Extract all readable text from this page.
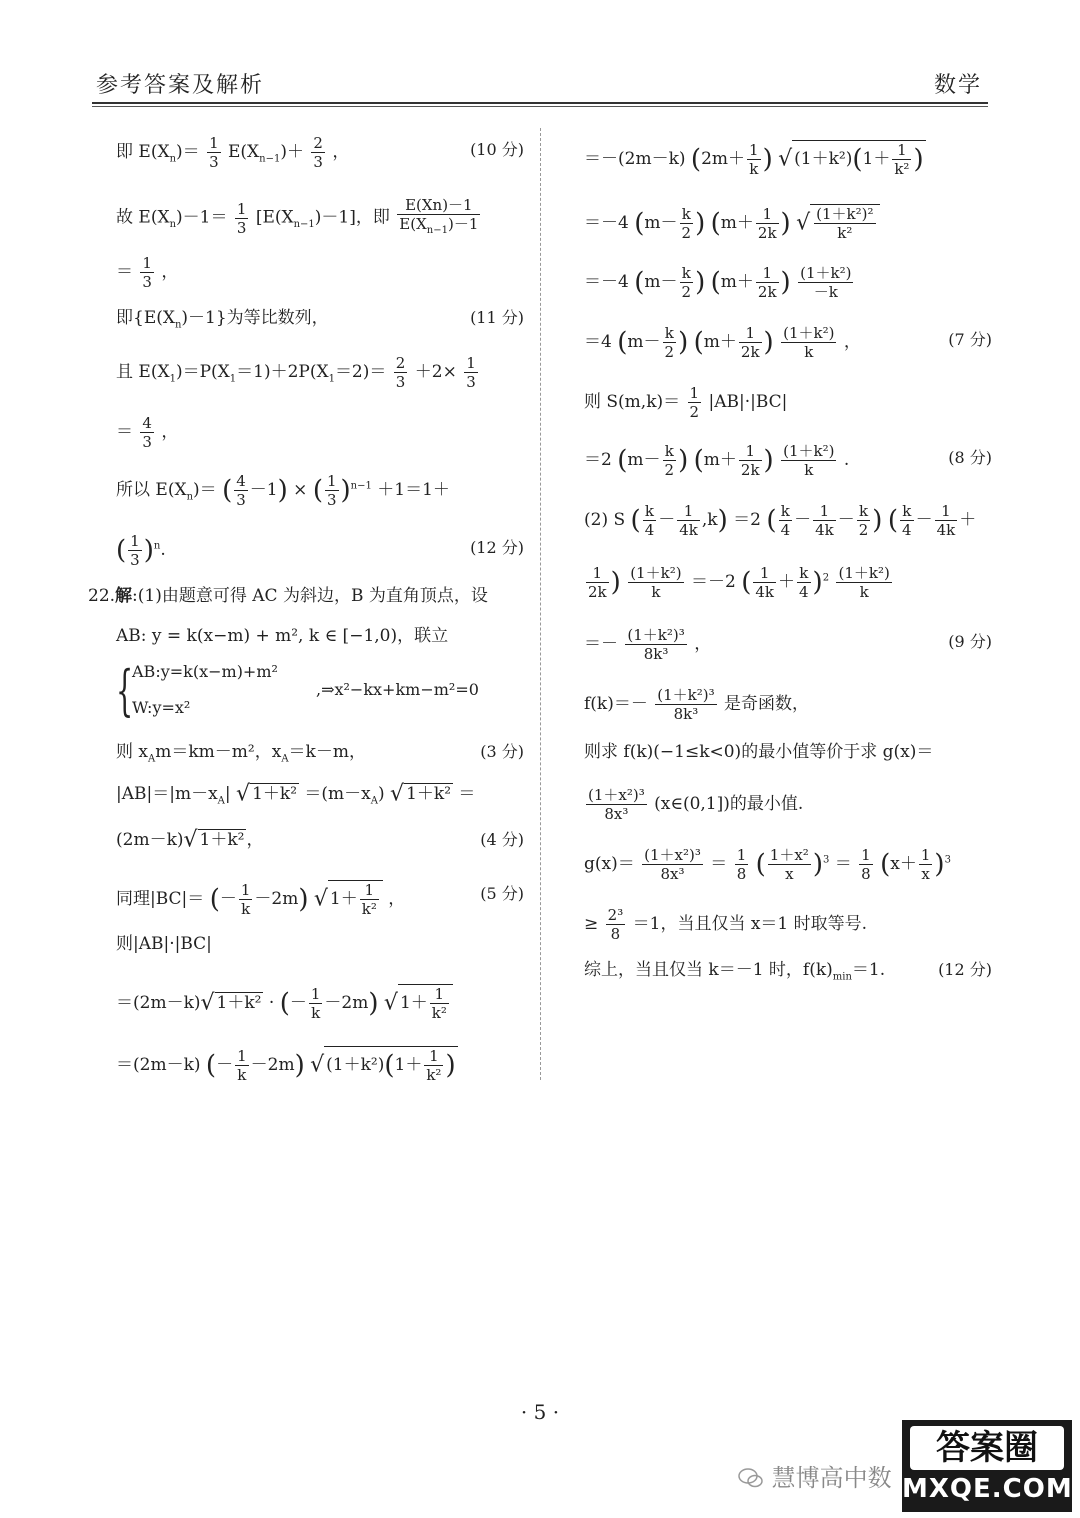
参考答案及解析	数学
即 $E(X_n)= \frac{1}{3} E(X_{n-1})+ \frac{2}{3}$ ，	(10 分)
故 $E(X_n)-1= \frac{1}{3} [E(X_{n-1})-1]$，即 $\frac{E(Xn)-1}{E(X_{n-1})-1}$
＝ $\frac{1}{3}$ ，
即$\{E(X_n)-1\}$为等比数列，	(11 分)
且 $E(X_1)=P(X_1=1)+2P(X_1=2)= \frac{2}{3} +2\times \frac{1}{3}$
＝ $\frac{4}{3}$ ，
所以 $E(X_n)=$ ( $\frac{4}{3} -1$) × ( $\frac{1}{3} )^{n-1} +1=1+$
( $\frac{1}{3} )^n$.	(12 分)
22.解:(1)由题意可得 AC 为斜边，B 为直角顶点，设
AB: y = k(x−m) + m², k ∈ [−1,0)，联立
{
AB:y=k(x−m)+m²
W:y=x²
,⇒x²−kx+km−m²=0
则 $x_Am=km-m^2$，$x_A=k-m$，	(3 分)
$|AB|=|m-x_A|$ √ $1+k^2 =(m-x_A)$ √ 1＋k² ＝
(2m－k)√ 1＋k² ，	(4 分)
同理|BC|＝ (－ $\frac{1}{k} -2m$) √ $1+ \frac{1}{\text{k²}}$ ，	(5 分)
则|AB|·|BC|
＝(2m－k)√ 1＋k² · (－ $\frac{1}{k} -2m$) √ $1+ \frac{1}{\text{k²}}$
＝(2m－k) (－ $\frac{1}{k} -2m$) √ $(1+k^2)(1+ \frac{1}{\text{k²}}$ )
＝－(2m－k) ($2m+ \frac{1}{k}$ ) √ $(1+k^2)(1+ \frac{1}{\text{k²}}$ )
＝－4 ($m- \frac{k}{2}$ ) ($m+ \frac{1}{2k}$ ) √ $\frac{\text{(1＋k²)²}}{\text{k²}}$
＝－4 ($m- \frac{k}{2}$ ) ($m+ \frac{1}{2k}$ ) $\frac{\text{(1＋k²)}}{-k}$
＝4 ($m- \frac{k}{2}$ ) ($m+ \frac{1}{2k}$ ) $\frac{\text{(1＋k²)}}{k}$ ，	(7 分)
则 $S(m,k)= \frac{1}{2} |AB|\cdot|BC|$
＝2 ($m- \frac{k}{2}$ ) ($m+ \frac{1}{2k}$ ) $\frac{\text{(1＋k²)}}{k}$ .	(8 分)
(2) S ( $\frac{k}{4} - \frac{1}{4k} ,k) =2$ ( $\frac{k}{4} - \frac{1}{4k} - \frac{k}{2}$ ) ( $\frac{k}{4} - \frac{1}{4k}$ ＋
$\frac{1}{2k}$ ) $\frac{\text{(1＋k²)}}{k} =-2$ ( $\frac{1}{4k} + \frac{k}{4} )^2 \frac{\text{(1＋k²)}}{k}$
＝－ $\frac{\text{(1＋k²)³}}{\text{8k³}}$ ，	(9 分)
$f(k)=- \frac{\text{(1＋k²)³}}{\text{8k³}}$ 是奇函数，
则求 f(k)(−1≤k<0)的最小值等价于求 g(x)＝
$\frac{\text{(1＋x²)³}}{\text{8x³}}$ (x∈(0,1])的最小值.
$g(x)= \frac{\text{(1＋x²)³}}{\text{8x³}} = \frac{1}{8}$ ( $\frac{\text{1＋x²}}{x} )^3 = \frac{1}{8} (x+ \frac{1}{x} )^3$
≥ $\frac{\text{2³}}{8} =1$，当且仅当 x＝1 时取等号.
综上，当且仅当 k＝－1 时，$f(k)_{min}=1$.	(12 分)
· 5 ·
慧博高中数
答案圈
MXQE.COM
